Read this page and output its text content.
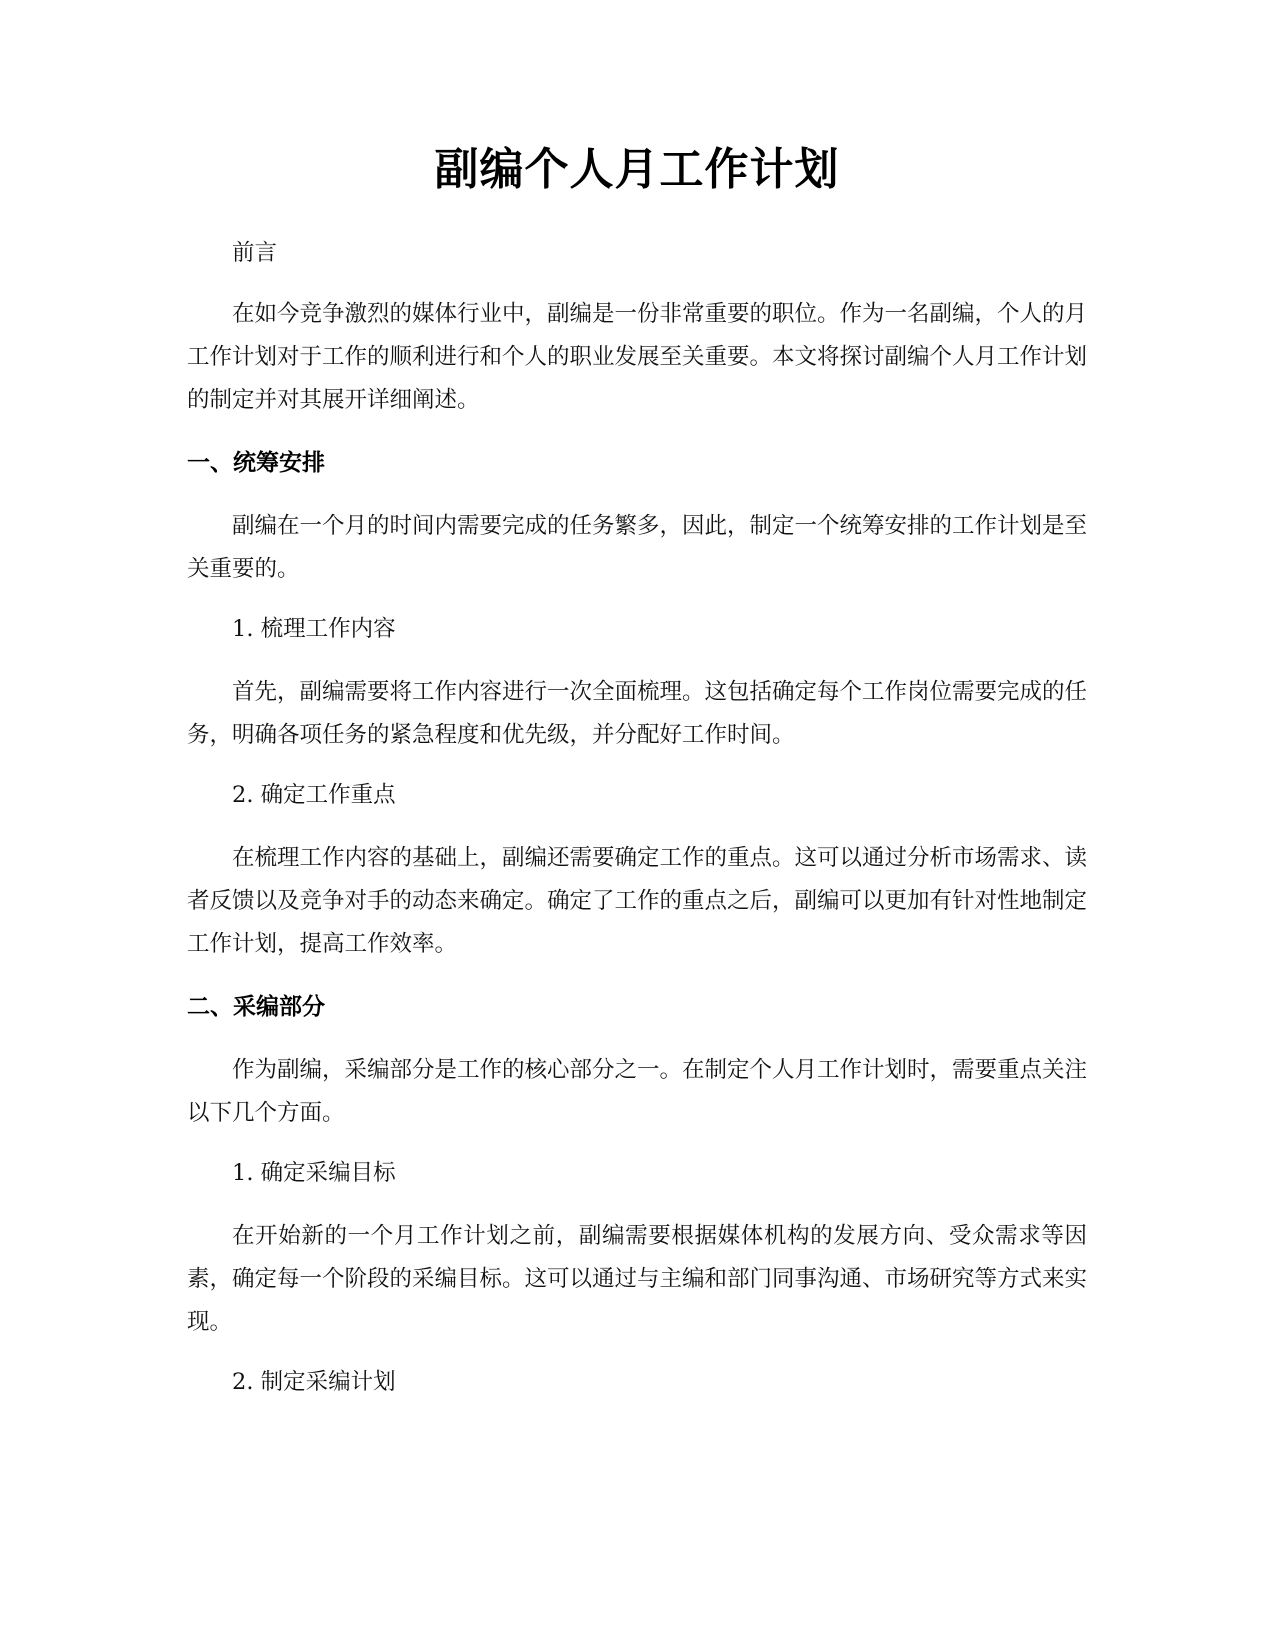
副编个人月工作计划

前言

在如今竞争激烈的媒体行业中，副编是一份非常重要的职位。作为一名副编，个人的月工作计划对于工作的顺利进行和个人的职业发展至关重要。本文将探讨副编个人月工作计划的制定并对其展开详细阐述。

一、统筹安排

副编在一个月的时间内需要完成的任务繁多，因此，制定一个统筹安排的工作计划是至关重要的。

1. 梳理工作内容

首先，副编需要将工作内容进行一次全面梳理。这包括确定每个工作岗位需要完成的任务，明确各项任务的紧急程度和优先级，并分配好工作时间。

2. 确定工作重点

在梳理工作内容的基础上，副编还需要确定工作的重点。这可以通过分析市场需求、读者反馈以及竞争对手的动态来确定。确定了工作的重点之后，副编可以更加有针对性地制定工作计划，提高工作效率。

二、采编部分

作为副编，采编部分是工作的核心部分之一。在制定个人月工作计划时，需要重点关注以下几个方面。

1. 确定采编目标

在开始新的一个月工作计划之前，副编需要根据媒体机构的发展方向、受众需求等因素，确定每一个阶段的采编目标。这可以通过与主编和部门同事沟通、市场研究等方式来实现。

2. 制定采编计划
